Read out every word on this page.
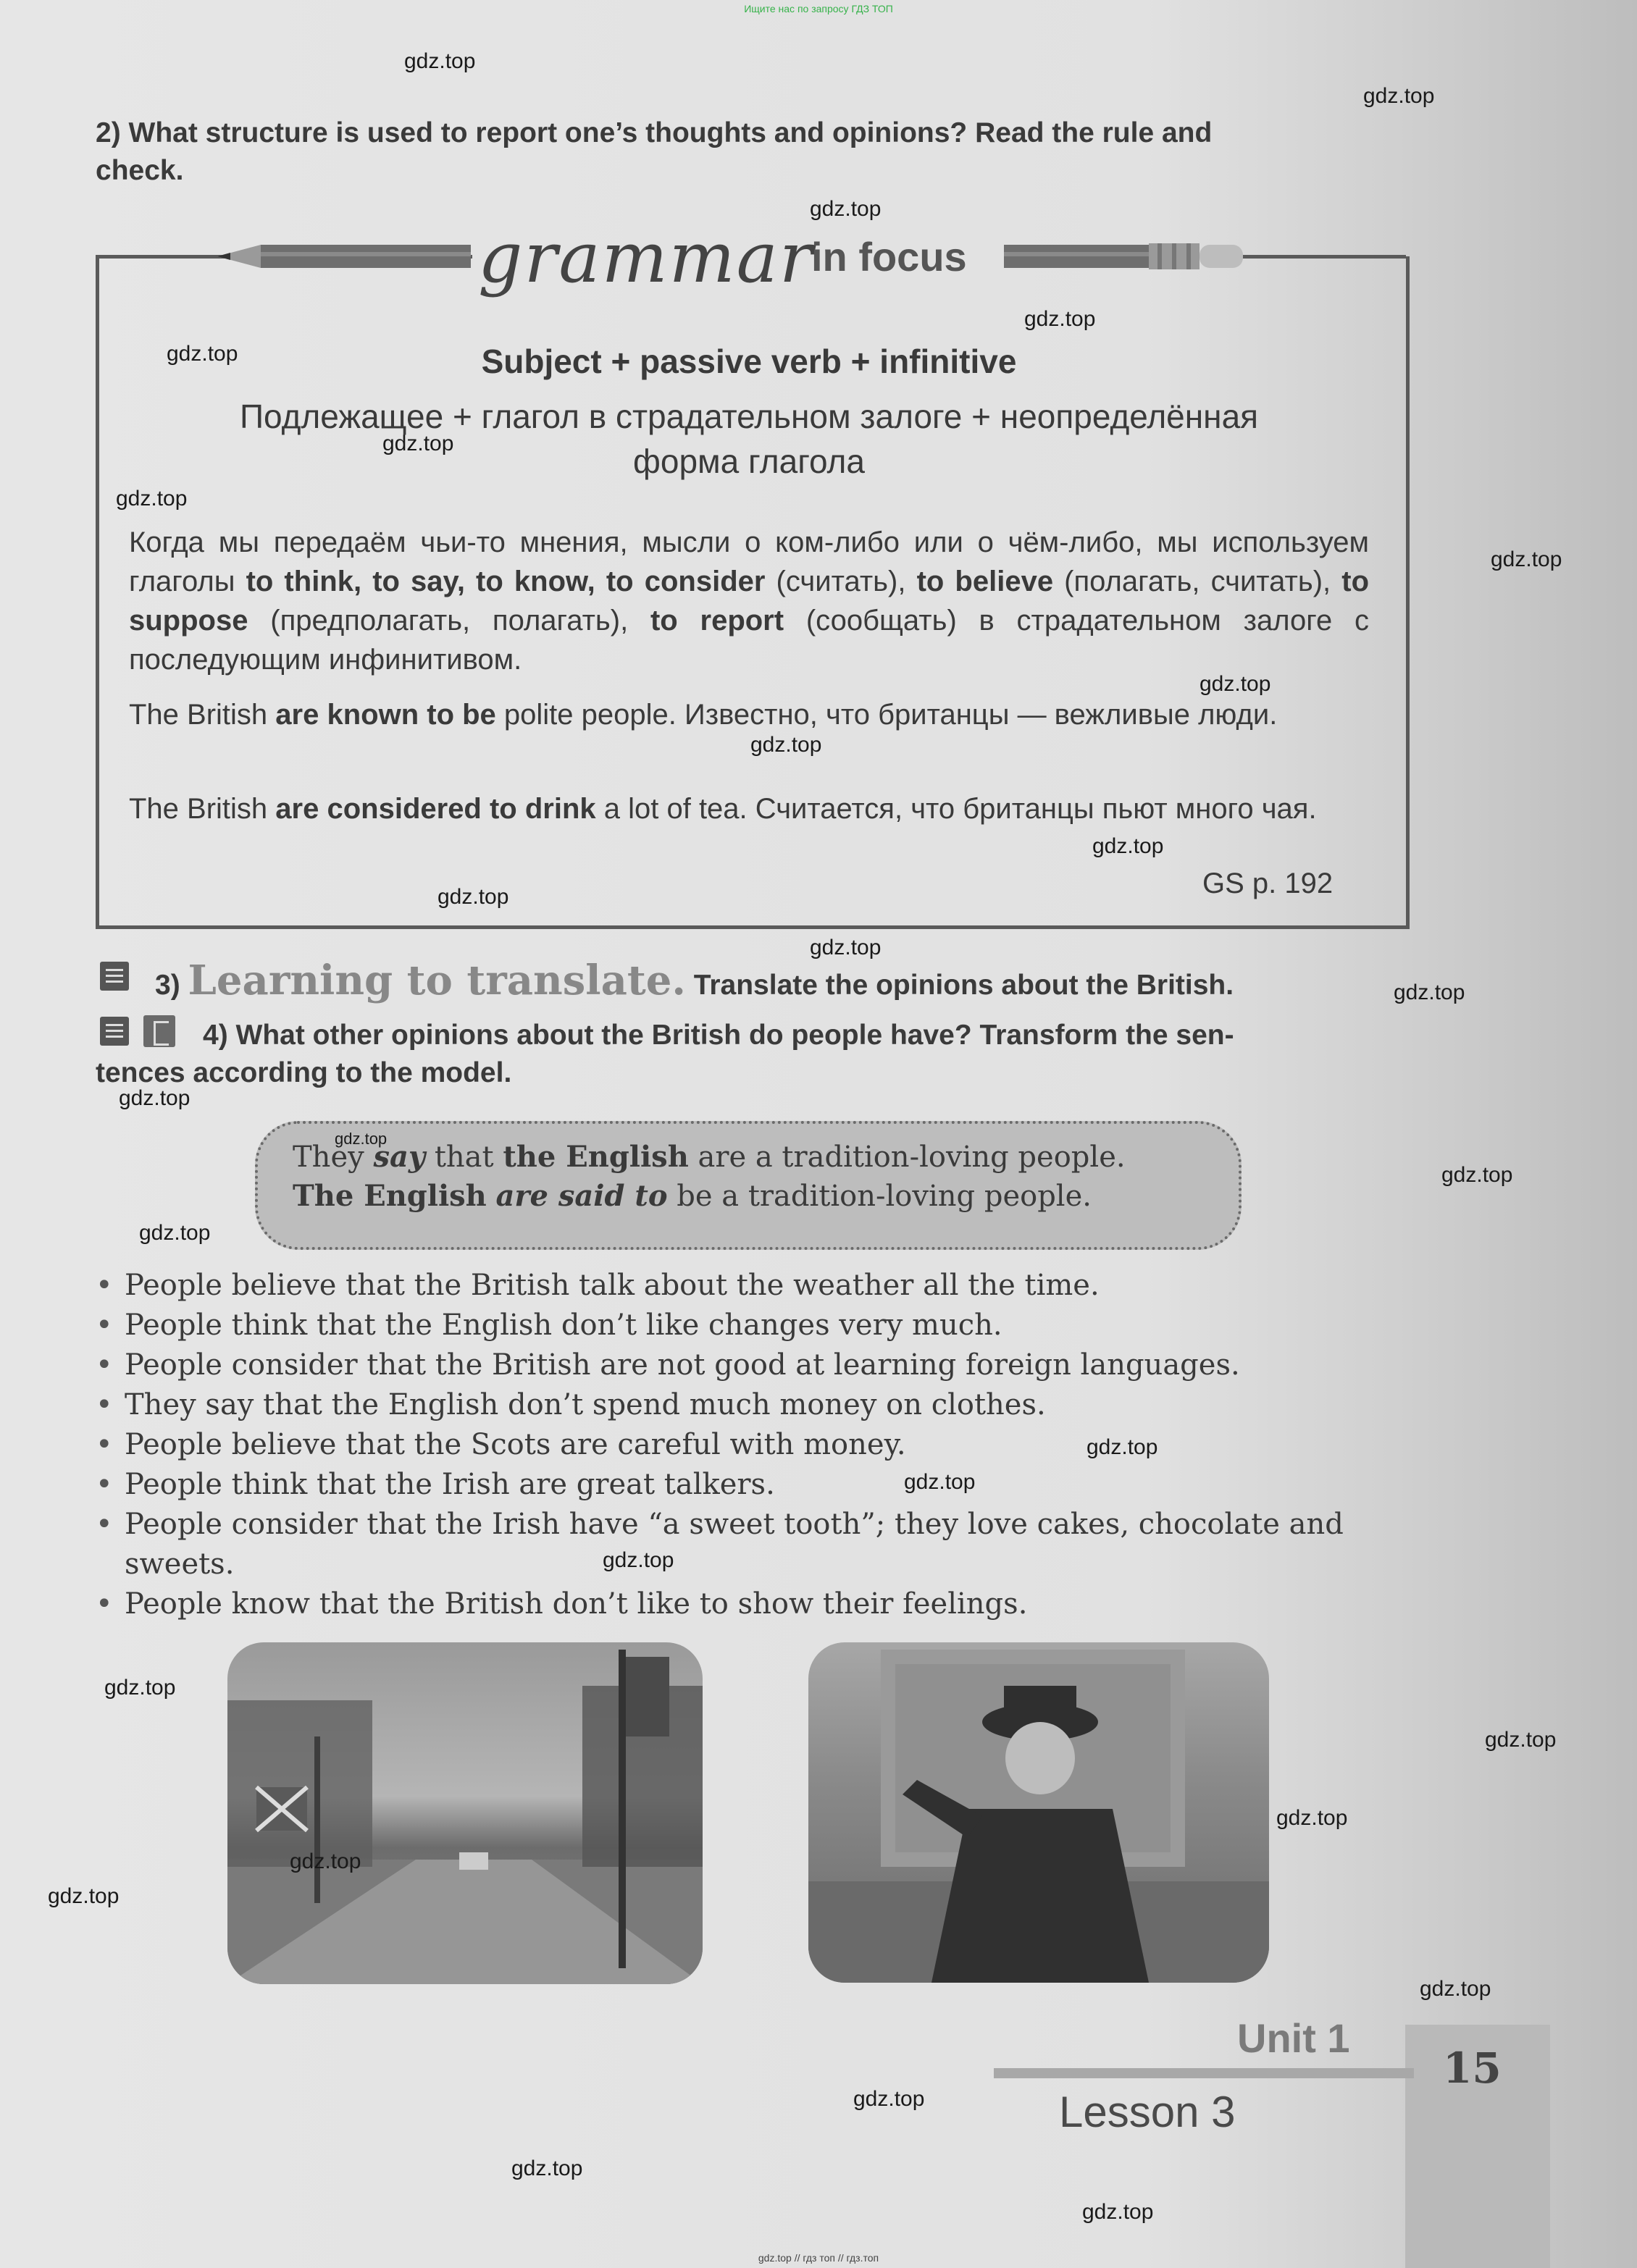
Ищите нас по запросу ГДЗ ТОП
2) What structure is used to report one’s thoughts and opinions? Read the rule and
check.
grammar
in focus
Subject + passive verb + infinitive
Подлежащее + глагол в страдательном залоге + неопределённая
форма глагола
Когда мы передаём чьи-то мнения, мысли о ком-либо или о чём-либо, мы используем глаголы to think, to say, to know, to consider (считать), to believe (полагать, считать), to suppose (предполагать, полагать), to report (сообщать) в страдательном залоге с последующим инфинитивом.
The British are known to be polite people. Известно, что британцы — вежливые люди.
The British are considered to drink a lot of tea. Считается, что британцы пьют много чая.
GS p. 192
3) Learning to translate. Translate the opinions about the British.
4) What other opinions about the British do people have? Transform the sen-
tences according to the model.
They say that the English are a tradition-loving people.
The English are said to be a tradition-loving people.
• People believe that the British talk about the weather all the time.
• People think that the English don’t like changes very much.
• People consider that the British are not good at learning foreign languages.
• They say that the English don’t spend much money on clothes.
• People believe that the Scots are careful with money.
• People think that the Irish are great talkers.
• People consider that the Irish have “a sweet tooth”; they love cakes, chocolate and sweets.
• People know that the British don’t like to show their feelings.
Unit 1
Lesson 3
15
gdz.top
gdz.top
gdz.top
gdz.top
gdz.top
gdz.top
gdz.top
gdz.top
gdz.top
gdz.top
gdz.top
gdz.top
gdz.top
gdz.top
gdz.top
gdz.top
gdz.top
gdz.top
gdz.top
gdz.top
gdz.top
gdz.top
gdz.top
gdz.top
gdz.top
gdz.top
gdz.top
gdz.top
gdz.top
gdz.top
gdz.top // гдз топ // гдз.топ
